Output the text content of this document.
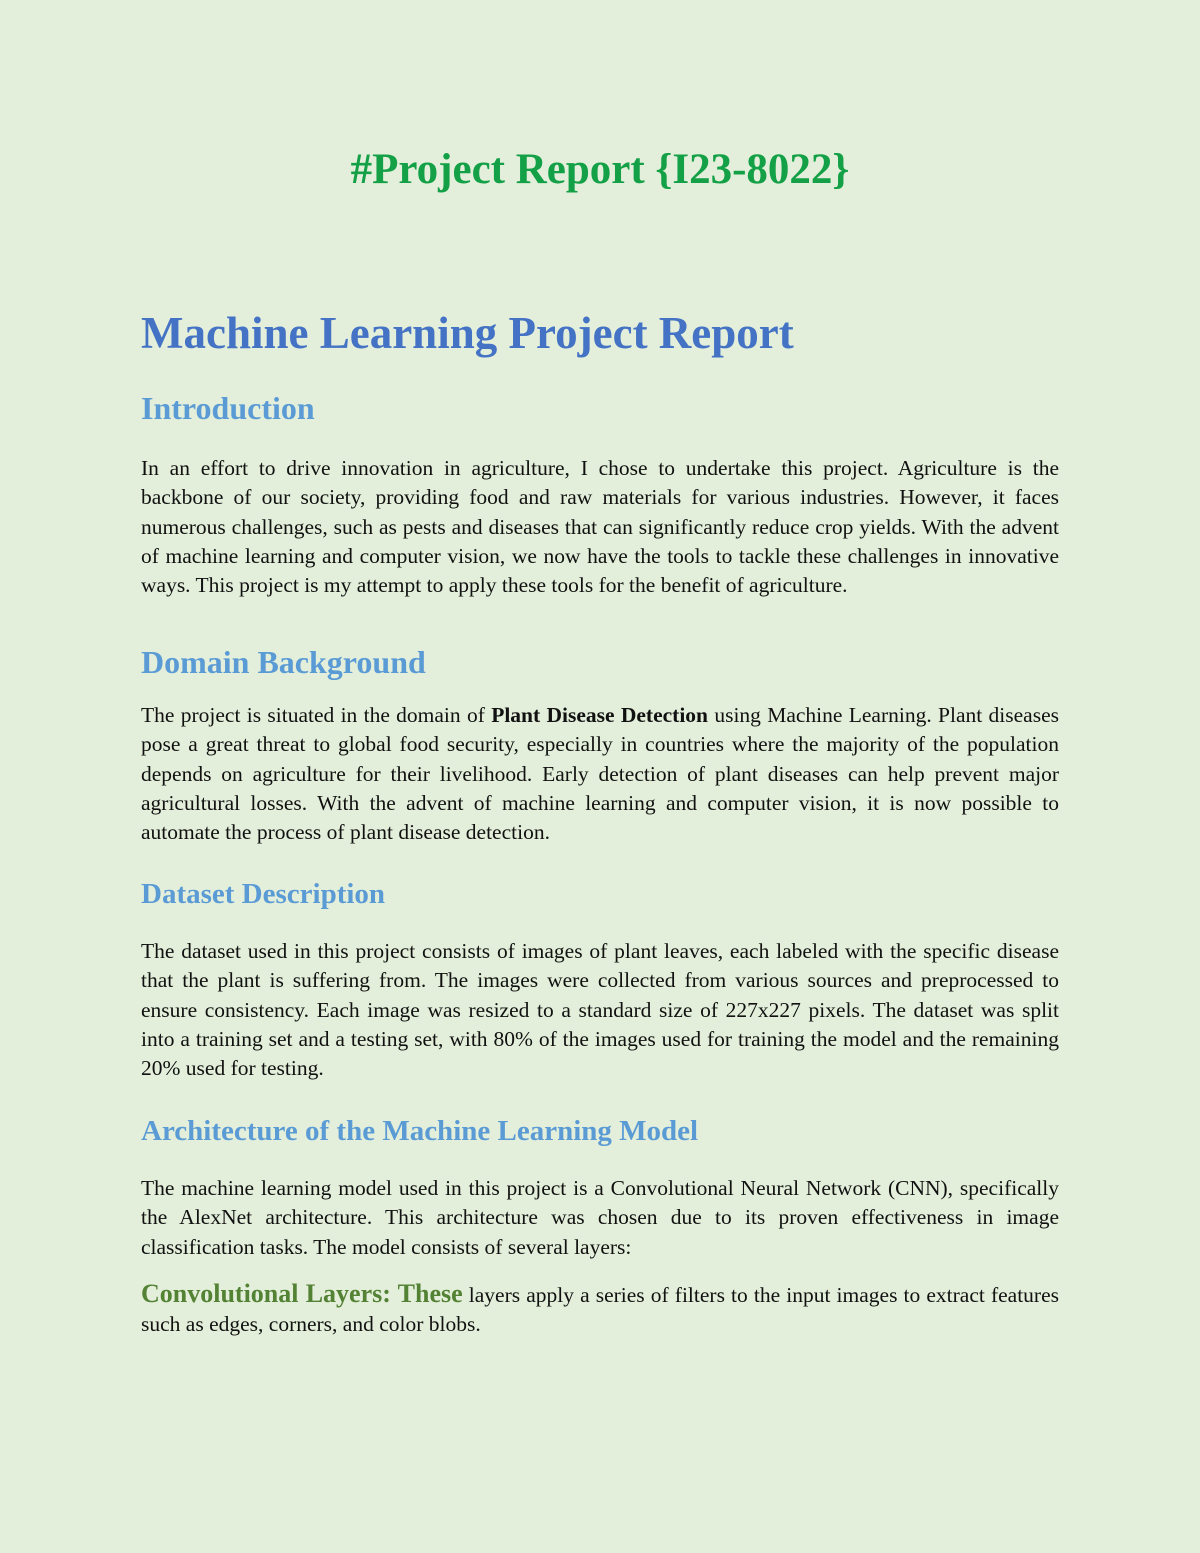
#Project Report {I23-8022}
Machine Learning Project Report
Introduction

In an effort to drive innovation in agriculture, I chose to undertake this project. Agriculture is the backbone of our society, providing food and raw materials for various industries. However, it faces numerous challenges, such as pests and diseases that can significantly reduce crop yields. With the advent of machine learning and computer vision, we now have the tools to tackle these challenges in innovative ways. This project is my attempt to apply these tools for the benefit of agriculture.

Domain Background

The project is situated in the domain of Plant Disease Detection using Machine Learning. Plant diseases pose a great threat to global food security, especially in countries where the majority of the population depends on agriculture for their livelihood. Early detection of plant diseases can help prevent major agricultural losses. With the advent of machine learning and computer vision, it is now possible to automate the process of plant disease detection.

Dataset Description

The dataset used in this project consists of images of plant leaves, each labeled with the specific disease that the plant is suffering from. The images were collected from various sources and preprocessed to ensure consistency. Each image was resized to a standard size of 227x227 pixels. The dataset was split into a training set and a testing set, with 80% of the images used for training the model and the remaining 20% used for testing.

Architecture of the Machine Learning Model

The machine learning model used in this project is a Convolutional Neural Network (CNN), specifically the AlexNet architecture. This architecture was chosen due to its proven effectiveness in image classification tasks. The model consists of several layers:

Convolutional Layers: These layers apply a series of filters to the input images to extract features such as edges, corners, and color blobs.
